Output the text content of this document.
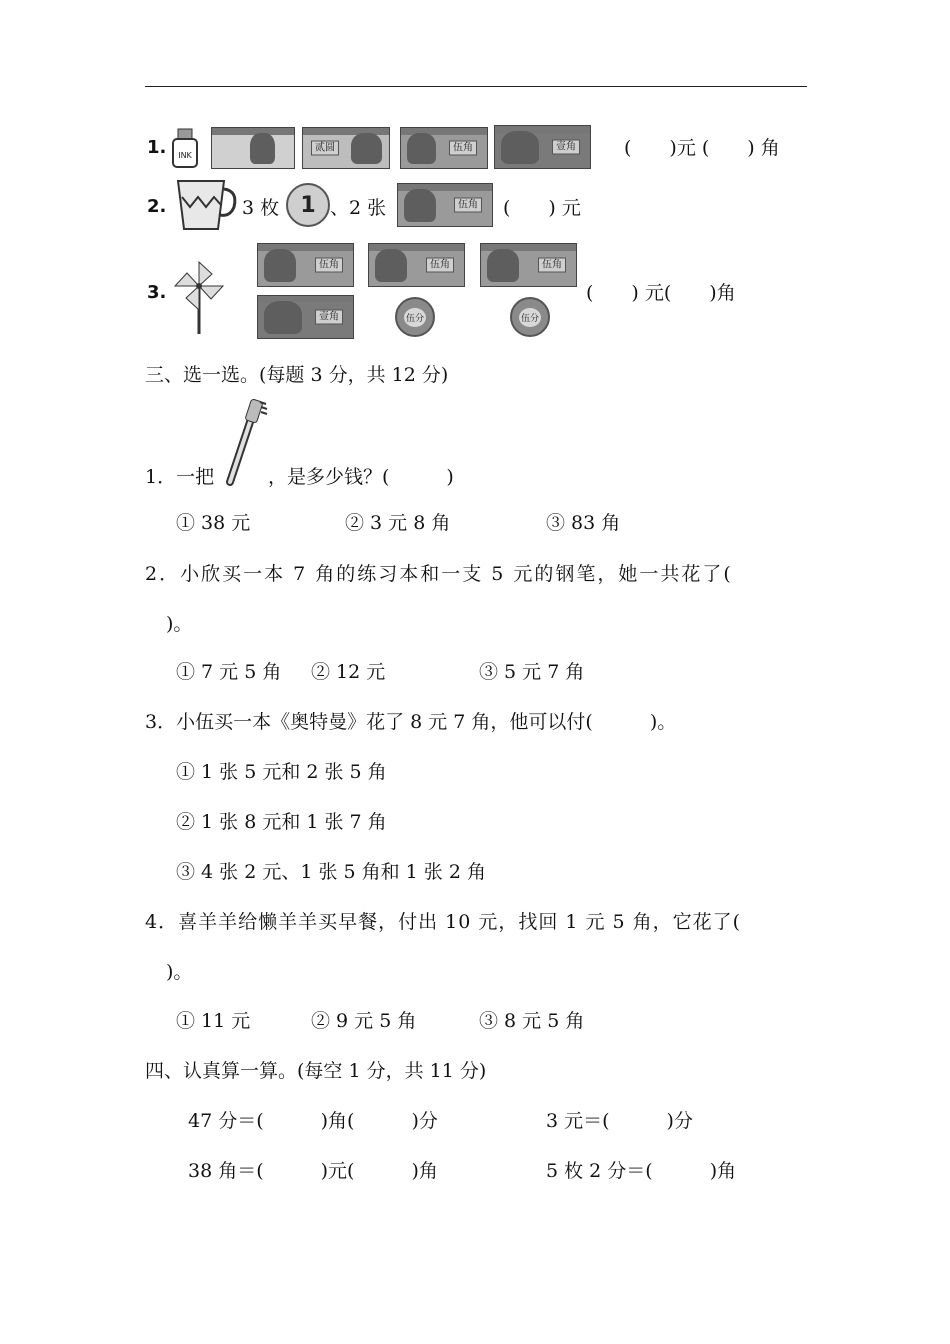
1. INK
贰圆	伍角	壹角	(　　)元 (　　) 角
2.	3 枚 1 、2 张	伍角 (　　) 元
3.
伍角	伍角	伍角
壹角	伍分	伍分
(　　) 元(　　)角
三、选一选。(每题 3 分，共 12 分)
1．一把	，是多少钱？(　　　)
① 38 元	② 3 元 8 角	③ 83 角
2．小欣买一本 7 角的练习本和一支 5 元的钢笔，她一共花了(
)。
① 7 元 5 角 ② 12 元	③ 5 元 7 角
3．小伍买一本《奥特曼》花了 8 元 7 角，他可以付(　　　)。
① 1 张 5 元和 2 张 5 角
② 1 张 8 元和 1 张 7 角
③ 4 张 2 元、1 张 5 角和 1 张 2 角
4．喜羊羊给懒羊羊买早餐，付出 10 元，找回 1 元 5 角，它花了(
)。
① 11 元	② 9 元 5 角	③ 8 元 5 角
四、认真算一算。(每空 1 分，共 11 分)
47 分＝(　　　)角(　　　)分	3 元＝(　　　)分
38 角＝(　　　)元(　　　)角	5 枚 2 分＝(　　　)角
